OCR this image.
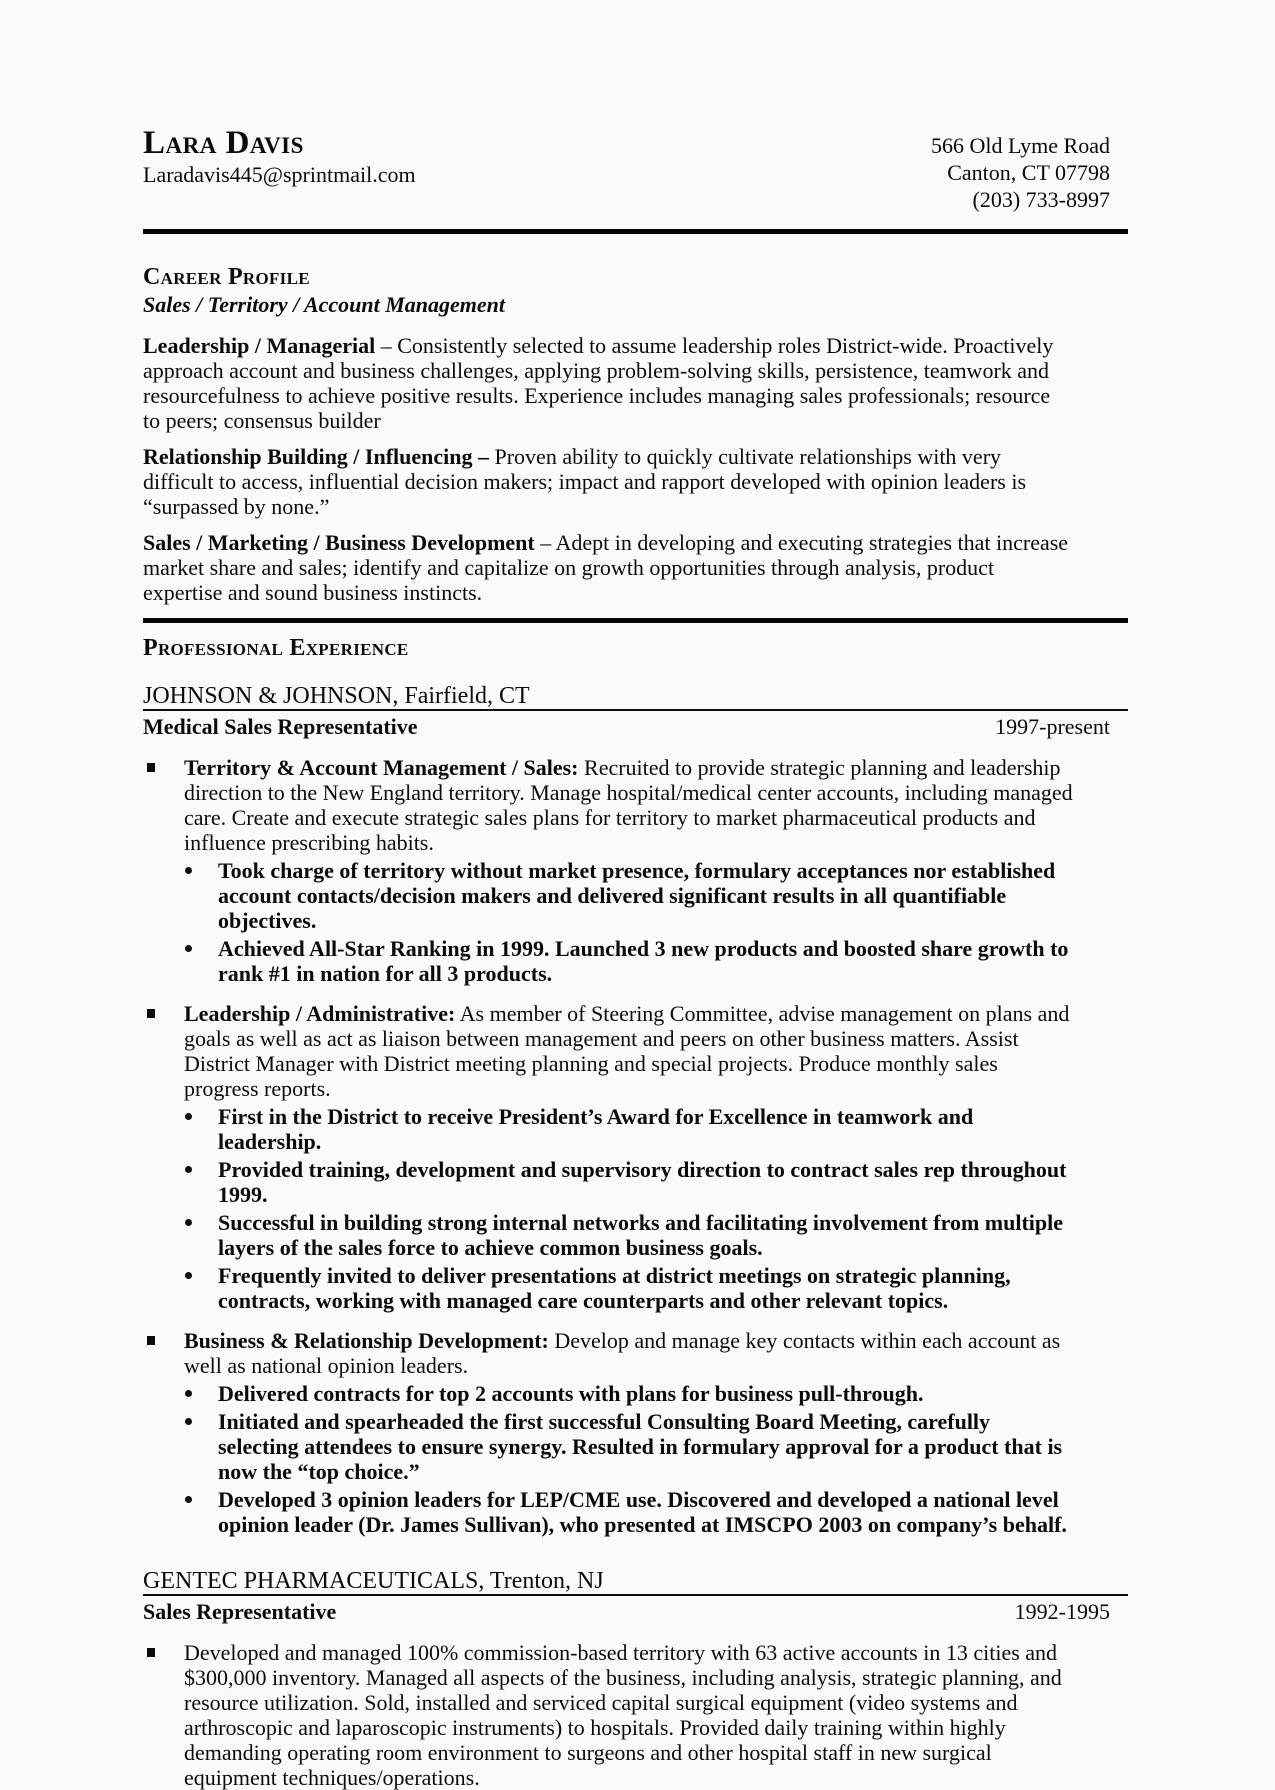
Lara Davis
Laradavis445@sprintmail.com
566 Old Lyme Road
Canton, CT 07798
(203) 733-8997
Career Profile
Sales / Territory / Account Management

Leadership / Managerial – Consistently selected to assume leadership roles District-wide. Proactively approach account and business challenges, applying problem-solving skills, persistence, teamwork and resourcefulness to achieve positive results. Experience includes managing sales professionals; resource to peers; consensus builder

Relationship Building / Influencing – Proven ability to quickly cultivate relationships with very difficult to access, influential decision makers; impact and rapport developed with opinion leaders is “surpassed by none.”

Sales / Marketing / Business Development – Adept in developing and executing strategies that increase market share and sales; identify and capitalize on growth opportunities through analysis, product expertise and sound business instincts.

Professional Experience
JOHNSON & JOHNSON, Fairfield, CT
Medical Sales Representative	1997-present
Territory & Account Management / Sales: Recruited to provide strategic planning and leadership direction to the New England territory. Manage hospital/medical center accounts, including managed care. Create and execute strategic sales plans for territory to market pharmaceutical products and influence prescribing habits.
Took charge of territory without market presence, formulary acceptances nor established account contacts/decision makers and delivered significant results in all quantifiable objectives.
Achieved All-Star Ranking in 1999. Launched 3 new products and boosted share growth to rank #1 in nation for all 3 products.
Leadership / Administrative: As member of Steering Committee, advise management on plans and goals as well as act as liaison between management and peers on other business matters. Assist District Manager with District meeting planning and special projects. Produce monthly sales progress reports.
First in the District to receive President’s Award for Excellence in teamwork and leadership.
Provided training, development and supervisory direction to contract sales rep throughout 1999.
Successful in building strong internal networks and facilitating involvement from multiple layers of the sales force to achieve common business goals.
Frequently invited to deliver presentations at district meetings on strategic planning, contracts, working with managed care counterparts and other relevant topics.
Business & Relationship Development: Develop and manage key contacts within each account as well as national opinion leaders.
Delivered contracts for top 2 accounts with plans for business pull-through.
Initiated and spearheaded the first successful Consulting Board Meeting, carefully selecting attendees to ensure synergy. Resulted in formulary approval for a product that is now the “top choice.”
Developed 3 opinion leaders for LEP/CME use. Discovered and developed a national level opinion leader (Dr. James Sullivan), who presented at IMSCPO 2003 on company’s behalf.
GENTEC PHARMACEUTICALS, Trenton, NJ
Sales Representative	1992-1995
Developed and managed 100% commission-based territory with 63 active accounts in 13 cities and $300,000 inventory. Managed all aspects of the business, including analysis, strategic planning, and resource utilization. Sold, installed and serviced capital surgical equipment (video systems and arthroscopic and laparoscopic instruments) to hospitals. Provided daily training within highly demanding operating room environment to surgeons and other hospital staff in new surgical equipment techniques/operations.
